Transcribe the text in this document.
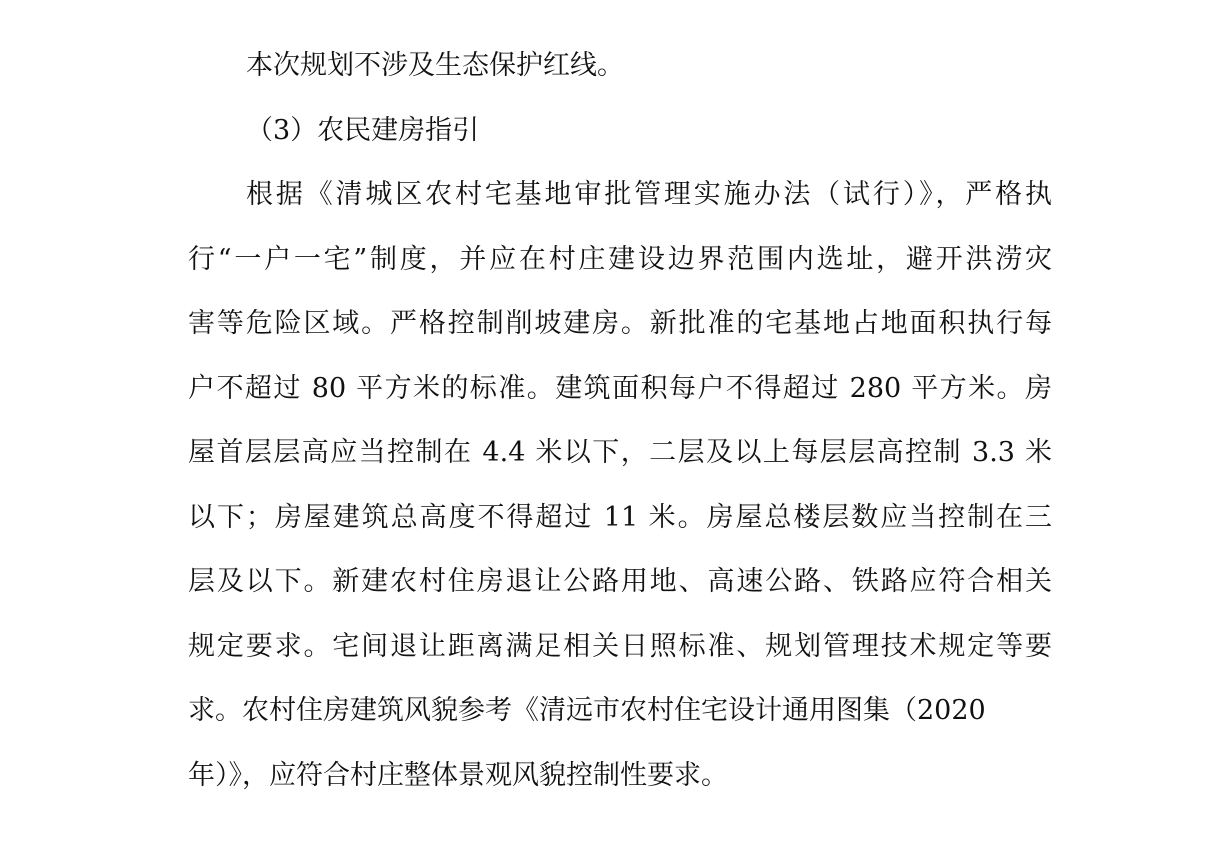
本次规划不涉及生态保护红线。
（3）农民建房指引
根据《清城区农村宅基地审批管理实施办法（试行）》，严格执
行“一户一宅”制度，并应在村庄建设边界范围内选址，避开洪涝灾
害等危险区域。严格控制削坡建房。新批准的宅基地占地面积执行每
户不超过 80 平方米的标准。建筑面积每户不得超过 280 平方米。房
屋首层层高应当控制在 4.4 米以下，二层及以上每层层高控制 3.3 米
以下；房屋建筑总高度不得超过 11 米。房屋总楼层数应当控制在三
层及以下。新建农村住房退让公路用地、高速公路、铁路应符合相关
规定要求。宅间退让距离满足相关日照标准、规划管理技术规定等要
求。农村住房建筑风貌参考《清远市农村住宅设计通用图集（2020
年）》，应符合村庄整体景观风貌控制性要求。
